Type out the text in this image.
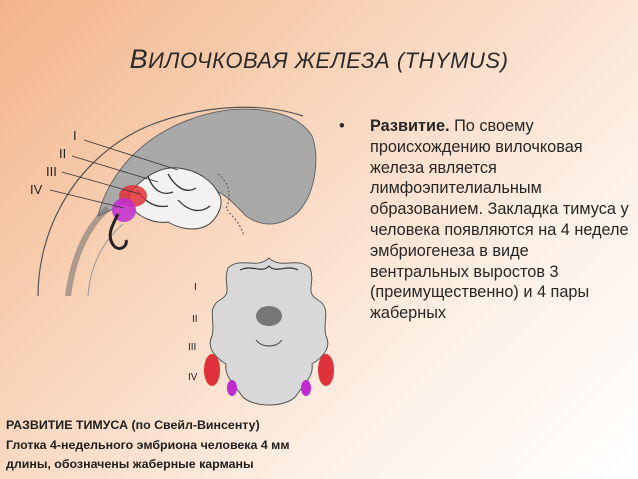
ВИЛОЧКОВАЯ ЖЕЛЕЗА (THYMUS)
I
II
III
IV
I
II
III
IV
• Развитие. По своему происхождению вилочковая железа является лимфоэпителиальным образованием. Закладка тимуса у человека появляются на 4 неделе эмбриогенеза в виде вентральных выростов 3 (преимущественно) и 4 пары жаберных
РАЗВИТИЕ ТИМУСА (по Свейл-Винсенту)
Глотка 4-недельного эмбриона человека 4 мм
длины, обозначены жаберные карманы
